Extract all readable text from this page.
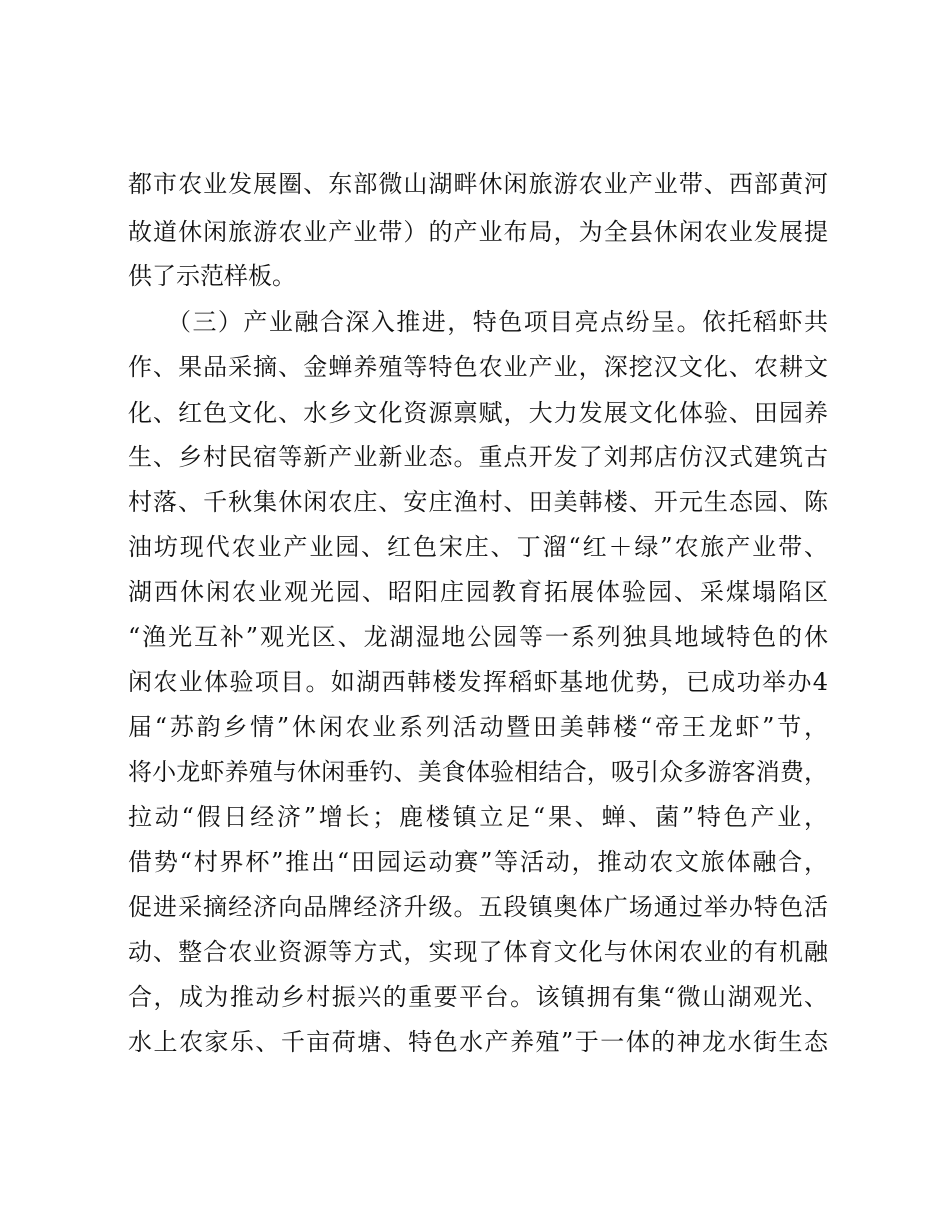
都市农业发展圈、东部微山湖畔休闲旅游农业产业带、西部黄河
故道休闲旅游农业产业带）的产业布局，为全县休闲农业发展提
供了示范样板。
　　（三）产业融合深入推进，特色项目亮点纷呈。依托稻虾共
作、果品采摘、金蝉养殖等特色农业产业，深挖汉文化、农耕文
化、红色文化、水乡文化资源禀赋，大力发展文化体验、田园养
生、乡村民宿等新产业新业态。重点开发了刘邦店仿汉式建筑古
村落、千秋集休闲农庄、安庄渔村、田美韩楼、开元生态园、陈
油坊现代农业产业园、红色宋庄、丁溜“红＋绿”农旅产业带、
湖西休闲农业观光园、昭阳庄园教育拓展体验园、采煤塌陷区
“渔光互补”观光区、龙湖湿地公园等一系列独具地域特色的休
闲农业体验项目。如湖西韩楼发挥稻虾基地优势，已成功举办4
届“苏韵乡情”休闲农业系列活动暨田美韩楼“帝王龙虾”节，
将小龙虾养殖与休闲垂钓、美食体验相结合，吸引众多游客消费，
拉动“假日经济”增长；鹿楼镇立足“果、蝉、菌”特色产业，
借势“村界杯”推出“田园运动赛”等活动，推动农文旅体融合，
促进采摘经济向品牌经济升级。五段镇奥体广场通过举办特色活
动、整合农业资源等方式，实现了体育文化与休闲农业的有机融
合，成为推动乡村振兴的重要平台。该镇拥有集“微山湖观光、
水上农家乐、千亩荷塘、特色水产养殖”于一体的神龙水街生态
